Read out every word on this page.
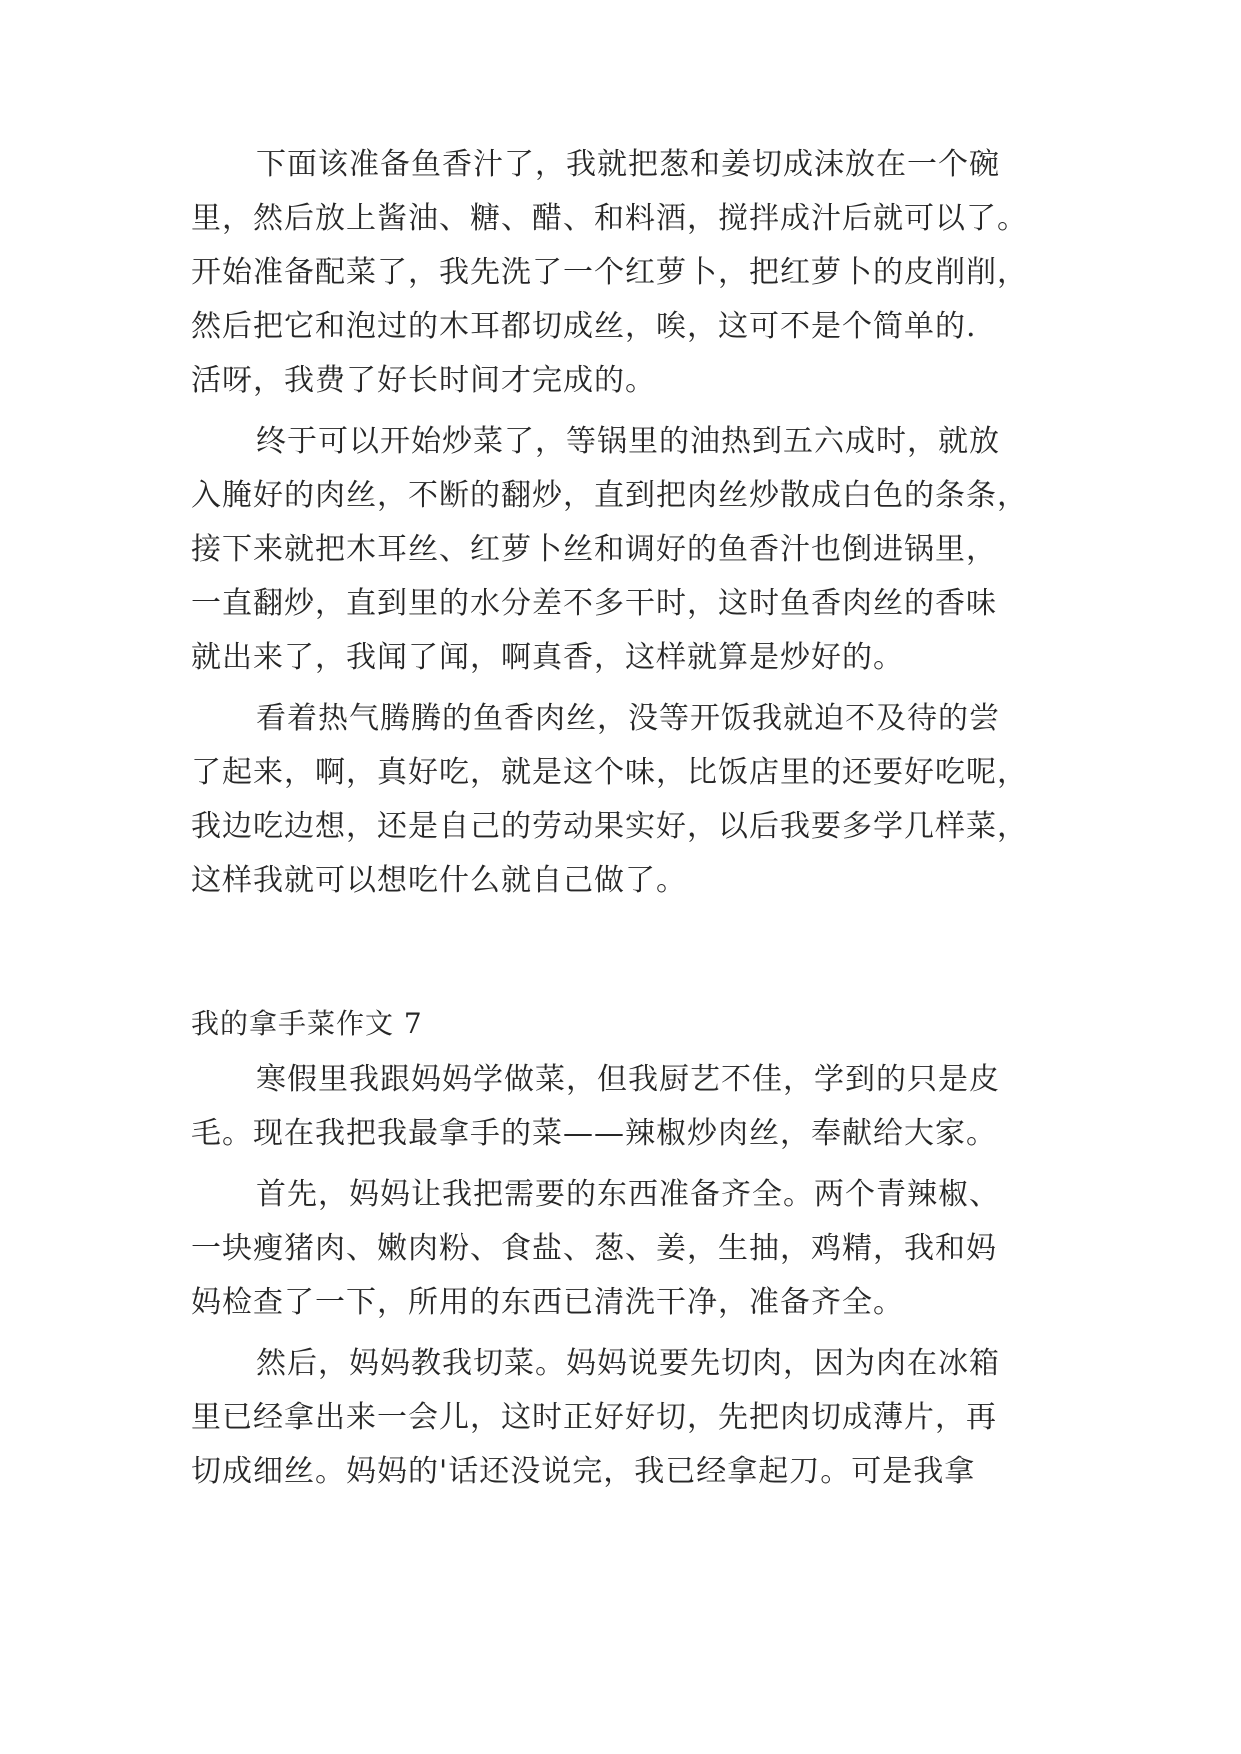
下面该准备鱼香汁了，我就把葱和姜切成沫放在一个碗
里，然后放上酱油、糖、醋、和料酒，搅拌成汁后就可以了。
开始准备配菜了，我先洗了一个红萝卜，把红萝卜的皮削削，
然后把它和泡过的木耳都切成丝，唉，这可不是个简单的.
活呀，我费了好长时间才完成的。
终于可以开始炒菜了，等锅里的油热到五六成时，就放
入腌好的肉丝，不断的翻炒，直到把肉丝炒散成白色的条条，
接下来就把木耳丝、红萝卜丝和调好的鱼香汁也倒进锅里，
一直翻炒，直到里的水分差不多干时，这时鱼香肉丝的香味
就出来了，我闻了闻，啊真香，这样就算是炒好的。
看着热气腾腾的鱼香肉丝，没等开饭我就迫不及待的尝
了起来，啊，真好吃，就是这个味，比饭店里的还要好吃呢，
我边吃边想，还是自己的劳动果实好，以后我要多学几样菜，
这样我就可以想吃什么就自己做了。
我的拿手菜作文 7
寒假里我跟妈妈学做菜，但我厨艺不佳，学到的只是皮
毛。现在我把我最拿手的菜——辣椒炒肉丝，奉献给大家。
首先，妈妈让我把需要的东西准备齐全。两个青辣椒、
一块瘦猪肉、嫩肉粉、食盐、葱、姜，生抽，鸡精，我和妈
妈检查了一下，所用的东西已清洗干净，准备齐全。
然后，妈妈教我切菜。妈妈说要先切肉，因为肉在冰箱
里已经拿出来一会儿，这时正好好切，先把肉切成薄片，再
切成细丝。妈妈的'话还没说完，我已经拿起刀。可是我拿
